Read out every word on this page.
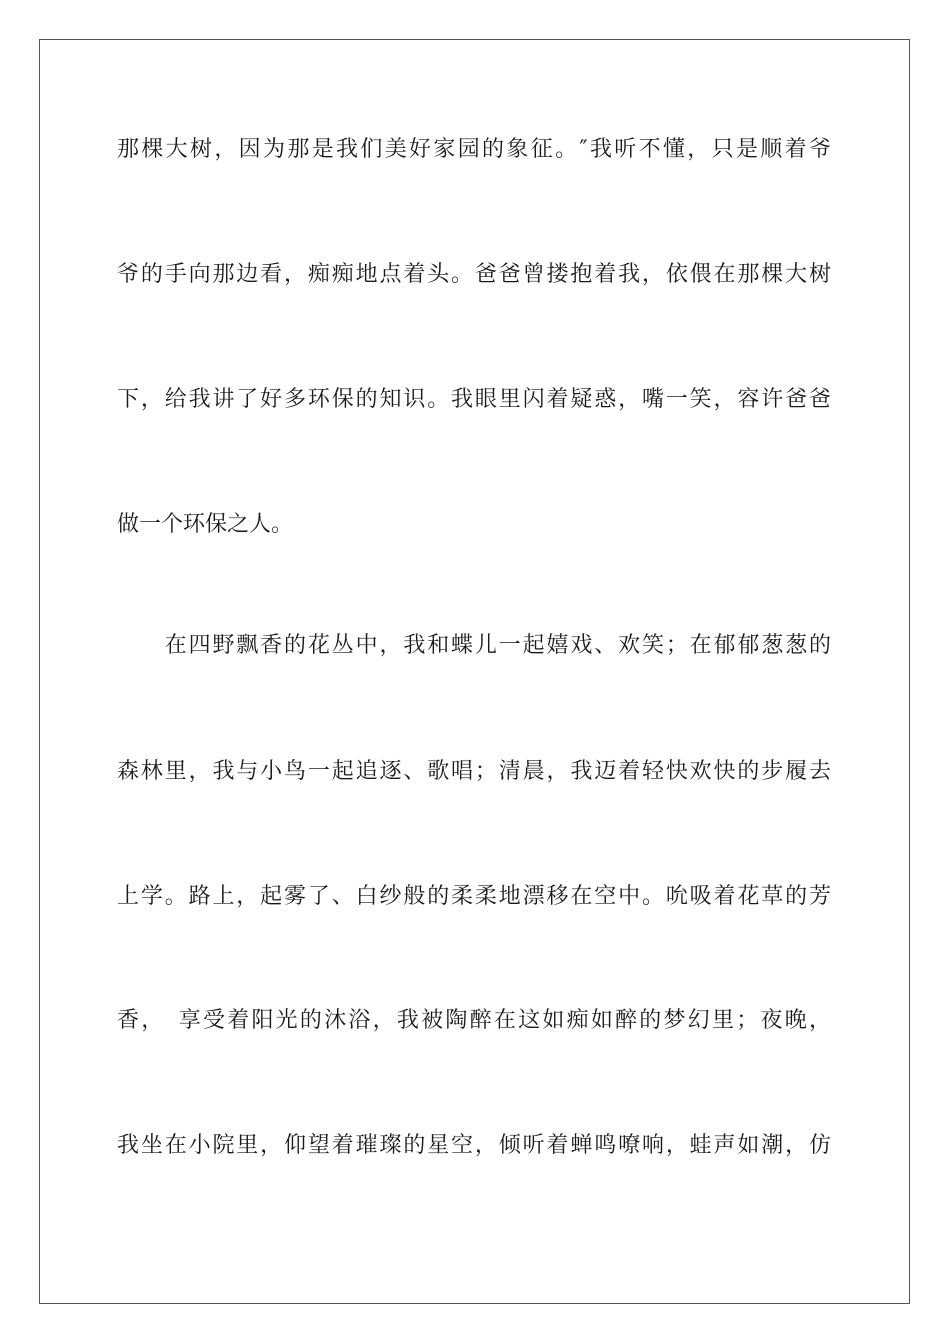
那棵大树，因为那是我们美好家园的象征。″我听不懂，只是顺着爷
爷的手向那边看，痴痴地点着头。爸爸曾搂抱着我，依偎在那棵大树
下，给我讲了好多环保的知识。我眼里闪着疑惑，嘴一笑，容许爸爸
做一个环保之人。
　　在四野飘香的花丛中，我和蝶儿一起嬉戏、欢笑；在郁郁葱葱的
森林里，我与小鸟一起追逐、歌唱；清晨，我迈着轻快欢快的步履去
上学。路上，起雾了、白纱般的柔柔地漂移在空中。吮吸着花草的芳
香，　享受着阳光的沐浴，我被陶醉在这如痴如醉的梦幻里；夜晚，
我坐在小院里，仰望着璀璨的星空，倾听着蝉鸣嘹响，蛙声如潮，仿
